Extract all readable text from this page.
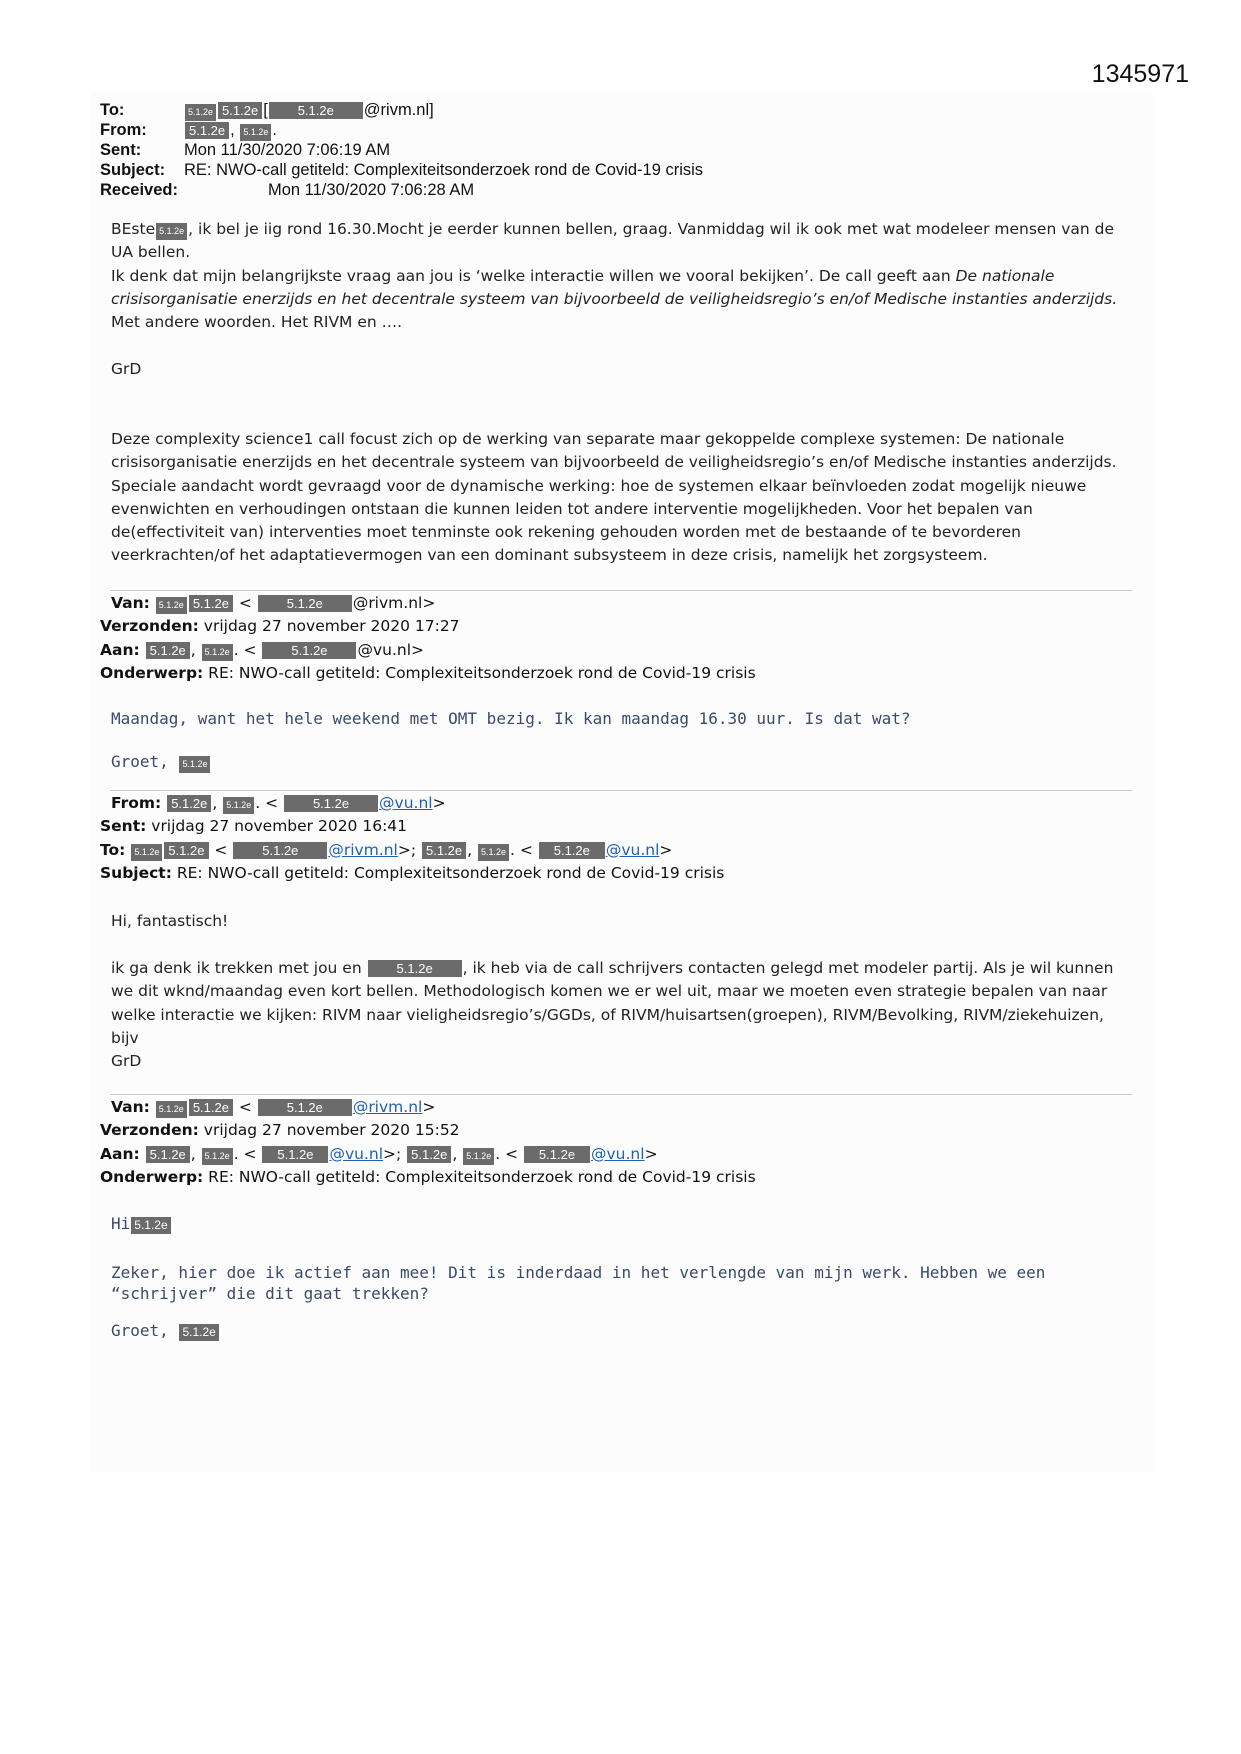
1345971
To:	5.1.2e 5.1.2e [ 5.1.2e @rivm.nl]
From:	5.1.2e , 5.1.2e .
Sent:	Mon 11/30/2020 7:06:19 AM
Subject: RE: NWO-call getiteld: Complexiteitsonderzoek rond de Covid-19 crisis
Received:	Mon 11/30/2020 7:06:28 AM

BEste 5.1.2e , ik bel je iig rond 16.30.Mocht je eerder kunnen bellen, graag. Vanmiddag wil ik ook met wat modeleer mensen van de UA bellen.

Ik denk dat mijn belangrijkste vraag aan jou is ‘welke interactie willen we vooral bekijken’. De call geeft aan De nationale crisisorganisatie enerzijds en het decentrale systeem van bijvoorbeeld de veiligheidsregio’s en/of Medische instanties anderzijds.

Met andere woorden. Het RIVM en ….

GrD
Deze complexity science1 call focust zich op de werking van separate maar gekoppelde complexe systemen: De nationale crisisorganisatie enerzijds en het decentrale systeem van bijvoorbeeld de veiligheidsregio’s en/of Medische instanties anderzijds. Speciale aandacht wordt gevraagd voor de dynamische werking: hoe de systemen elkaar beïnvloeden zodat mogelijk nieuwe evenwichten en verhoudingen ontstaan die kunnen leiden tot andere interventie mogelijkheden. Voor het bepalen van de(effectiviteit van) interventies moet tenminste ook rekening gehouden worden met de bestaande of te bevorderen veerkrachten/of het adaptatievermogen van een dominant subsysteem in deze crisis, namelijk het zorgsysteem.
Van: 5.1.2e 5.1.2e < 5.1.2e @rivm.nl>
Verzonden: vrijdag 27 november 2020 17:27
Aan: 5.1.2e , 5.1.2e . < 5.1.2e @vu.nl>
Onderwerp: RE: NWO-call getiteld: Complexiteitsonderzoek rond de Covid-19 crisis
Maandag, want het hele weekend met OMT bezig. Ik kan maandag 16.30 uur. Is dat wat?
Groet, 5.1.2e
From: 5.1.2e , 5.1.2e . < 5.1.2e @vu.nl>
Sent: vrijdag 27 november 2020 16:41
To: 5.1.2e 5.1.2e < 5.1.2e @rivm.nl>; 5.1.2e , 5.1.2e . < 5.1.2e @vu.nl>
Subject: RE: NWO-call getiteld: Complexiteitsonderzoek rond de Covid-19 crisis
Hi, fantastisch!
ik ga denk ik trekken met jou en	5.1.2e , ik heb via de call schrijvers contacten gelegd met modeler partij. Als je wil kunnen we dit wknd/maandag even kort bellen. Methodologisch komen we er wel uit, maar we moeten even strategie bepalen van naar welke interactie we kijken: RIVM naar vieligheidsregio’s/GGDs, of RIVM/huisartsen(groepen), RIVM/Bevolking, RIVM/ziekehuizen, bijv
GrD
Van: 5.1.2e 5.1.2e < 5.1.2e @rivm.nl>
Verzonden: vrijdag 27 november 2020 15:52
Aan: 5.1.2e , 5.1.2e . < 5.1.2e @vu.nl>; 5.1.2e , 5.1.2e . < 5.1.2e @vu.nl>
Onderwerp: RE: NWO-call getiteld: Complexiteitsonderzoek rond de Covid-19 crisis
Hi 5.1.2e
Zeker, hier doe ik actief aan mee! Dit is inderdaad in het verlengde van mijn werk. Hebben we een “schrijver” die dit gaat trekken?
Groet, 5.1.2e
